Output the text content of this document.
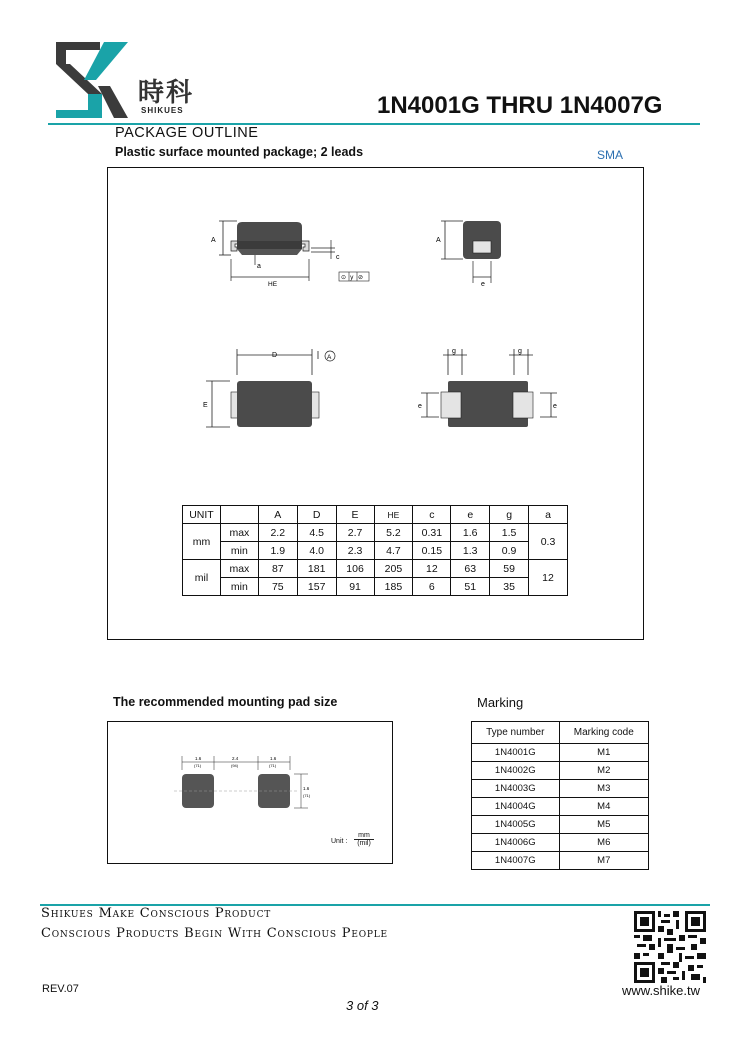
時科
SHIKUES	1N4001G THRU 1N4007G
PACKAGE OUTLINE
Plastic surface mounted package; 2 leads	SMA
A
a
c
HE
⊙ y ⊘
A
e
D	A
E
g	g
e	e
UNIT		A	D	E	HE	c	e	g	a
mm	max	2.2	4.5	2.7	5.2	0.31	1.6	1.5	0.3
	min	1.9	4.0	2.3	4.7	0.15	1.3	0.9	
mil	max	87	181	106	205	12	63	59	12
	min	75	157	91	185	6	51	35	
The recommended mounting pad size
1.6
(71)
2.4
(94)
1.6
(71)
1.6
(71)
Unit :
mm
(mil)
Marking
Type number	Marking code
1N4001G	M1
1N4002G	M2
1N4003G	M3
1N4004G	M4
1N4005G	M5
1N4006G	M6
1N4007G	M7
Shikues Make Conscious Product
Conscious Products Begin With Conscious People
REV.07
3 of 3
www.shike.tw
